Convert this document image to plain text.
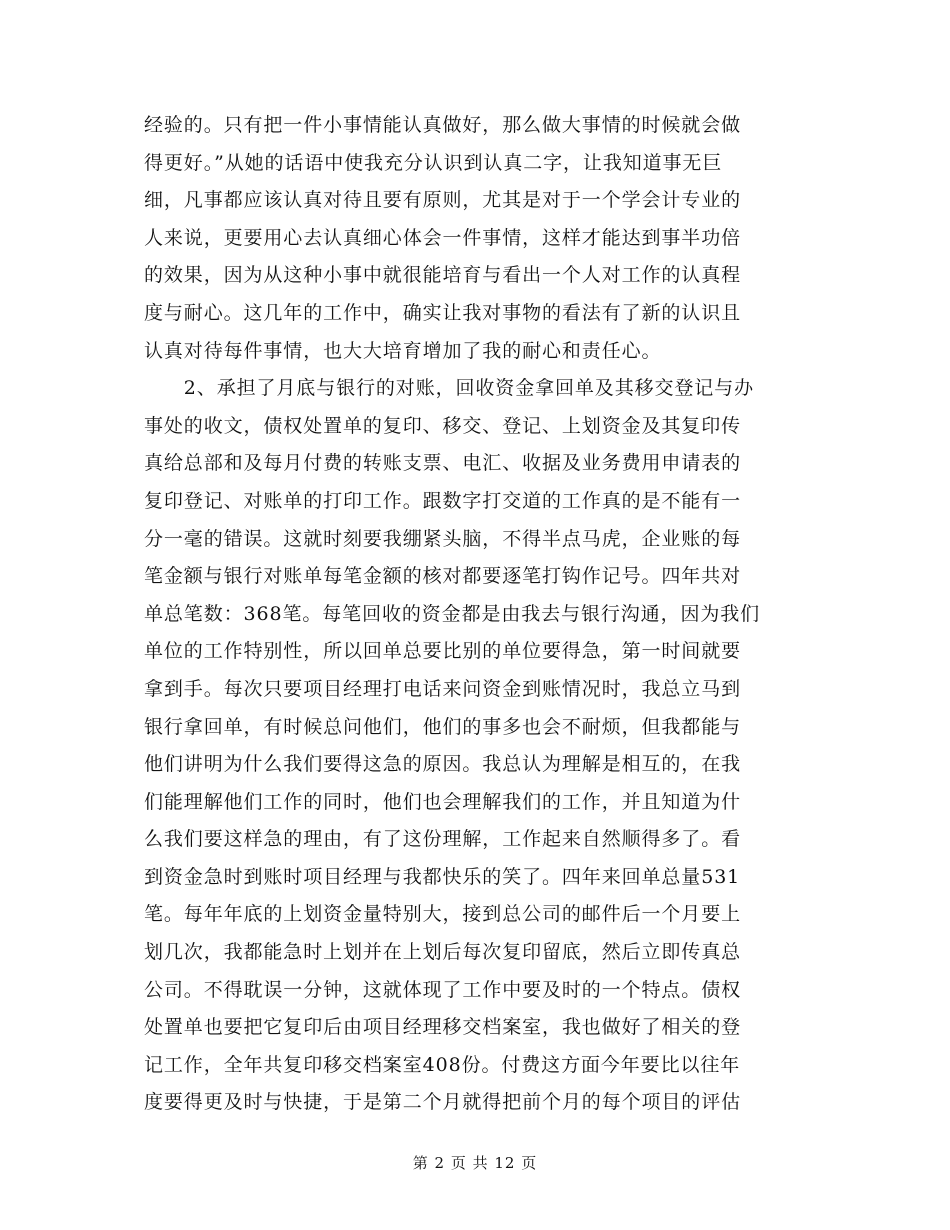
经验的。只有把一件小事情能认真做好，那么做大事情的时候就会做
得更好。”从她的话语中使我充分认识到认真二字，让我知道事无巨
细，凡事都应该认真对待且要有原则，尤其是对于一个学会计专业的
人来说，更要用心去认真细心体会一件事情，这样才能达到事半功倍
的效果，因为从这种小事中就很能培育与看出一个人对工作的认真程
度与耐心。这几年的工作中，确实让我对事物的看法有了新的认识且
认真对待每件事情，也大大培育增加了我的耐心和责任心。
　　2、承担了月底与银行的对账，回收资金拿回单及其移交登记与办
事处的收文，债权处置单的复印、移交、登记、上划资金及其复印传
真给总部和及每月付费的转账支票、电汇、收据及业务费用申请表的
复印登记、对账单的打印工作。跟数字打交道的工作真的是不能有一
分一毫的错误。这就时刻要我绷紧头脑，不得半点马虎，企业账的每
笔金额与银行对账单每笔金额的核对都要逐笔打钩作记号。四年共对
单总笔数：368笔。每笔回收的资金都是由我去与银行沟通，因为我们
单位的工作特别性，所以回单总要比别的单位要得急，第一时间就要
拿到手。每次只要项目经理打电话来问资金到账情况时，我总立马到
银行拿回单，有时候总问他们，他们的事多也会不耐烦，但我都能与
他们讲明为什么我们要得这急的原因。我总认为理解是相互的，在我
们能理解他们工作的同时，他们也会理解我们的工作，并且知道为什
么我们要这样急的理由，有了这份理解，工作起来自然顺得多了。看
到资金急时到账时项目经理与我都快乐的笑了。四年来回单总量531
笔。每年年底的上划资金量特别大，接到总公司的邮件后一个月要上
划几次，我都能急时上划并在上划后每次复印留底，然后立即传真总
公司。不得耽误一分钟，这就体现了工作中要及时的一个特点。债权
处置单也要把它复印后由项目经理移交档案室，我也做好了相关的登
记工作，全年共复印移交档案室408份。付费这方面今年要比以往年
度要得更及时与快捷，于是第二个月就得把前个月的每个项目的评估
第 2 页 共 12 页
